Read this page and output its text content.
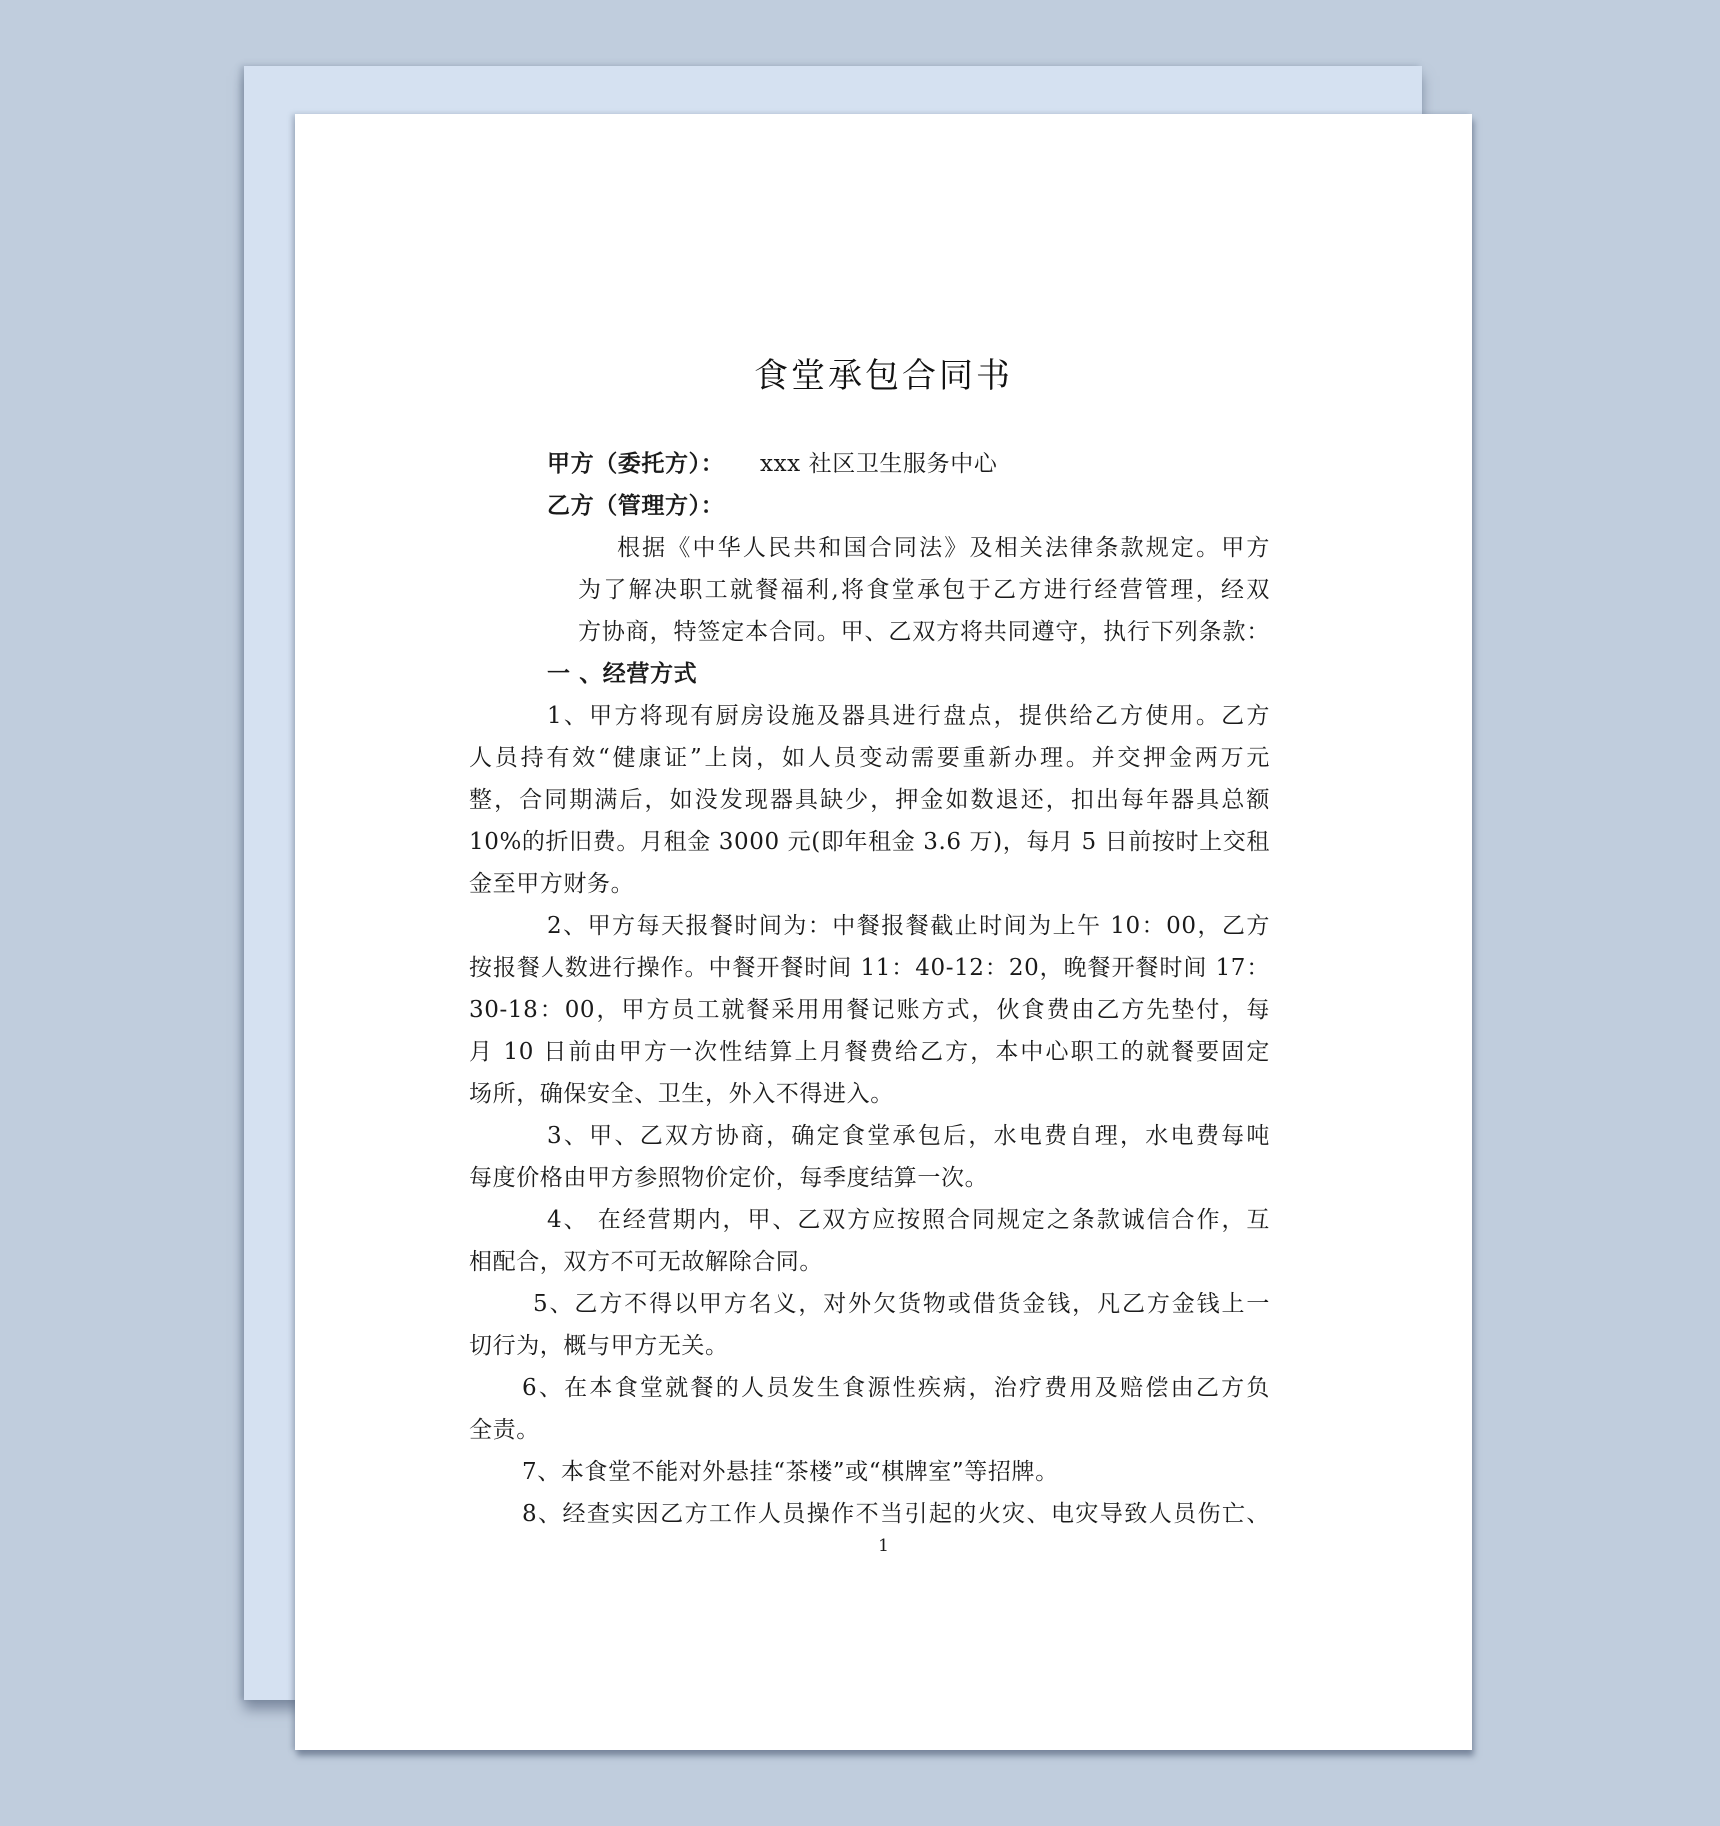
食堂承包合同书
甲方（委托方）： xxx 社区卫生服务中心
乙方（管理方）：
根据《中华人民共和国合同法》及相关法律条款规定。甲方
为了解决职工就餐福利,将食堂承包于乙方进行经营管理，经双
方协商，特签定本合同。甲、乙双方将共同遵守，执行下列条款：
一 、经营方式
1、甲方将现有厨房设施及器具进行盘点，提供给乙方使用。乙方
人员持有效“健康证”上岗，如人员变动需要重新办理。并交押金两万元
整，合同期满后，如没发现器具缺少，押金如数退还，扣出每年器具总额
10%的折旧费。月租金 3000 元(即年租金 3.6 万)，每月 5 日前按时上交租
金至甲方财务。
2、甲方每天报餐时间为：中餐报餐截止时间为上午 10：00，乙方
按报餐人数进行操作。中餐开餐时间 11：40-12：20，晚餐开餐时间 17：
30-18：00，甲方员工就餐采用用餐记账方式，伙食费由乙方先垫付，每
月 10 日前由甲方一次性结算上月餐费给乙方，本中心职工的就餐要固定
场所，确保安全、卫生，外入不得进入。
3、甲、乙双方协商，确定食堂承包后，水电费自理，水电费每吨
每度价格由甲方参照物价定价，每季度结算一次。
4、 在经营期内，甲、乙双方应按照合同规定之条款诚信合作，互
相配合，双方不可无故解除合同。
5、乙方不得以甲方名义，对外欠货物或借货金钱，凡乙方金钱上一
切行为，概与甲方无关。
6、在本食堂就餐的人员发生食源性疾病，治疗费用及赔偿由乙方负
全责。
7、本食堂不能对外悬挂“茶楼”或“棋牌室”等招牌。
8、经查实因乙方工作人员操作不当引起的火灾、电灾导致人员伤亡、
1
